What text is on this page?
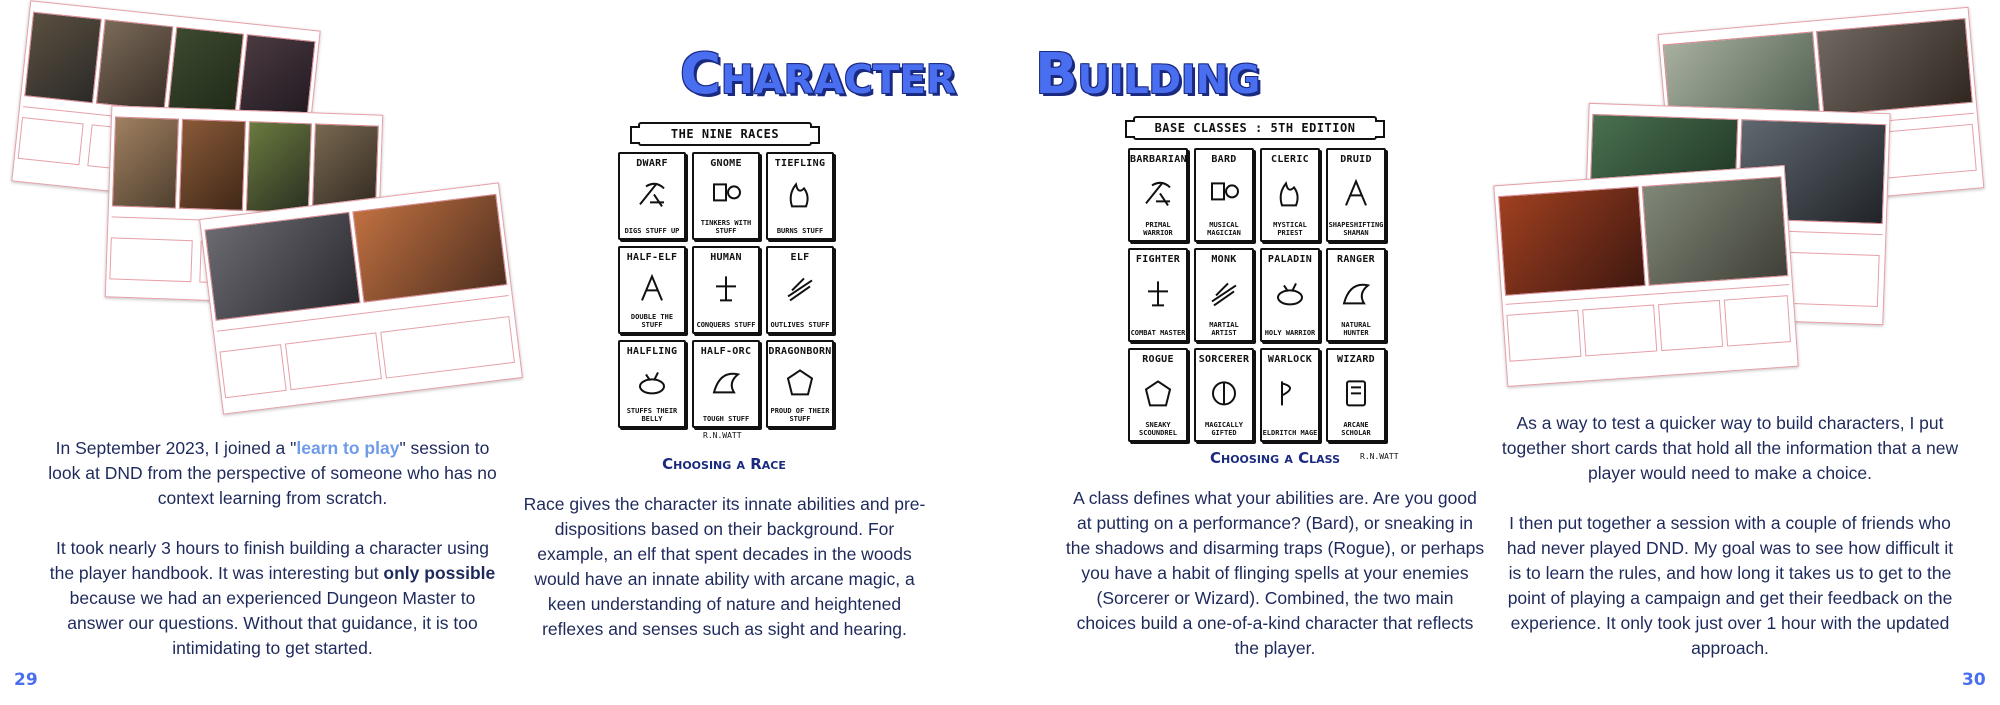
Character Building

In September 2023, I joined a "learn to play" session to look at DND from the perspective of someone who has no context learning from scratch.

It took nearly 3 hours to finish building a character using the player handbook. It was interesting but only possible because we had an experienced Dungeon Master to answer our questions. Without that guidance, it is too intimidating to get started.

THE NINE RACES
DWARF
DIGS STUFF UP
GNOME
TINKERS WITH STUFF
TIEFLING
BURNS STUFF
HALF-ELF
DOUBLE THE STUFF
HUMAN
CONQUERS STUFF
ELF
OUTLIVES STUFF
HALFLING
STUFFS THEIR BELLY
HALF-ORC
TOUGH STUFF
DRAGONBORN
PROUD OF THEIR STUFF
R.N.WATT
Choosing a Race

Race gives the character its innate abilities and pre-dispositions based on their background. For example, an elf that spent decades in the woods would have an innate ability with arcane magic, a keen understanding of nature and heightened reflexes and senses such as sight and hearing.

BASE CLASSES : 5TH EDITION
BARBARIAN
PRIMAL WARRIOR
BARD
MUSICAL MAGICIAN
CLERIC
MYSTICAL PRIEST
DRUID
SHAPESHIFTING SHAMAN
FIGHTER
COMBAT MASTER
MONK
MARTIAL ARTIST
PALADIN
HOLY WARRIOR
RANGER
NATURAL HUNTER
ROGUE
SNEAKY SCOUNDREL
SORCERER
MAGICALLY GIFTED
WARLOCK
ELDRITCH MAGE
WIZARD
ARCANE SCHOLAR
Choosing a Class	R.N.WATT

A class defines what your abilities are. Are you good at putting on a performance? (Bard), or sneaking in the shadows and disarming traps (Rogue), or perhaps you have a habit of flinging spells at your enemies (Sorcerer or Wizard). Combined, the two main choices build a one-of-a-kind character that reflects the player.

As a way to test a quicker way to build characters, I put together short cards that hold all the information that a new player would need to make a choice.

I then put together a session with a couple of friends who had never played DND. My goal was to see how difficult it is to learn the rules, and how long it takes us to get to the point of playing a campaign and get their feedback on the experience. It only took just over 1 hour with the updated approach.

29	30
